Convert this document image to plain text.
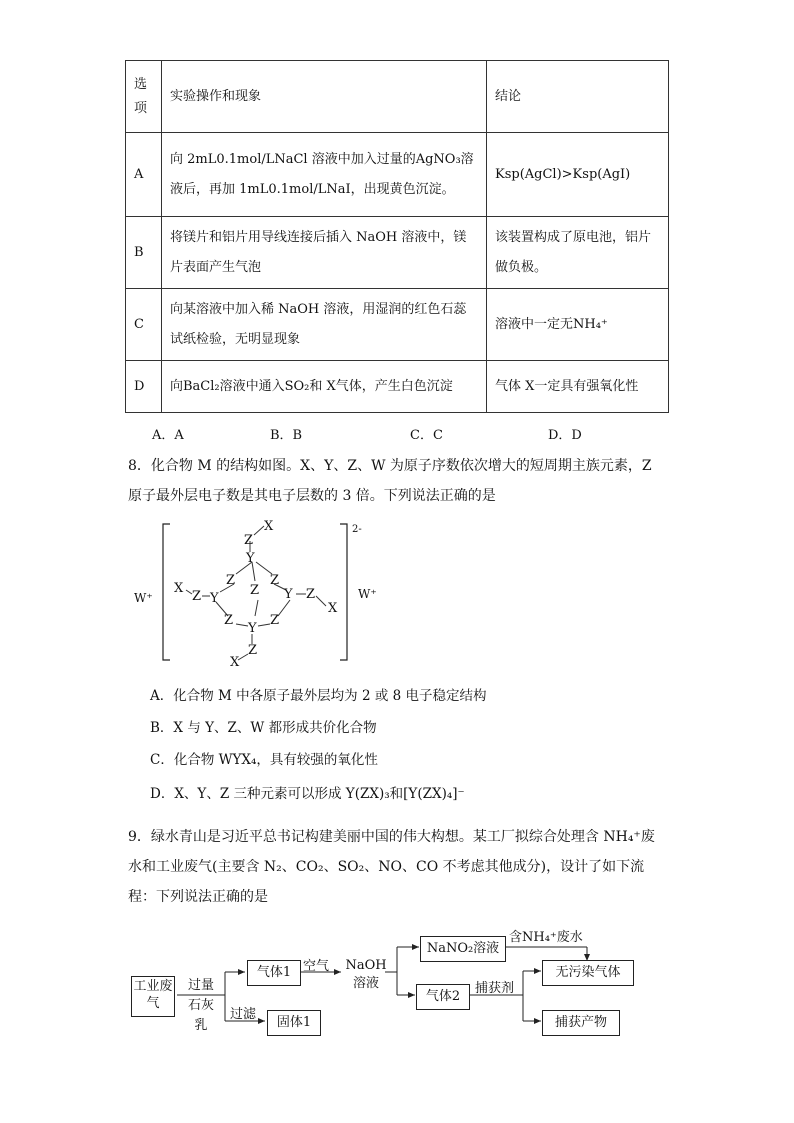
选项	实验操作和现象	结论
A	向 2mL0.1mol/LNaCl 溶液中加入过量的AgNO₃溶液后，再加 1mL0.1mol/LNaI，出现黄色沉淀。	Ksp(AgCl)>Ksp(AgI)
B	将镁片和铝片用导线连接后插入 NaOH 溶液中，镁片表面产生气泡	该装置构成了原电池，铝片做负极。
C	向某溶液中加入稀 NaOH 溶液，用湿润的红色石蕊试纸检验，无明显现象	溶液中一定无NH₄⁺
D	向BaCl₂溶液中通入SO₂和 X气体，产生白色沉淀	气体 X一定具有强氧化性
A．A	B．B	C．C	D．D
8．化合物 M 的结构如图。X、Y、Z、W 为原子序数依次增大的短周期主族元素，Z 原子最外层电子数是其电子层数的 3 倍。下列说法正确的是
2-
W⁺	W⁺
X
Z
Y
Z	Z
Z
Y	Y
Z
X	Z
X
Z	Z
Y
Z
X
A．化合物 M 中各原子最外层均为 2 或 8 电子稳定结构
B．X 与 Y、Z、W 都形成共价化合物
C．化合物 WYX₄，具有较强的氧化性
D．X、Y、Z 三种元素可以形成 Y(ZX)₃和[Y(ZX)₄]⁻
9．绿水青山是习近平总书记构建美丽中国的伟大构想。某工厂拟综合处理含 NH₄⁺废水和工业废气(主要含 N₂、CO₂、SO₂、NO、CO 不考虑其他成分)，设计了如下流程：下列说法正确的是
工业废气
过量石灰乳
过滤
气体1
固体1
空气 NaOH溶液
NaNO₂溶液
含NH₄⁺废水
气体2
捕获剂
无污染气体
捕获产物
